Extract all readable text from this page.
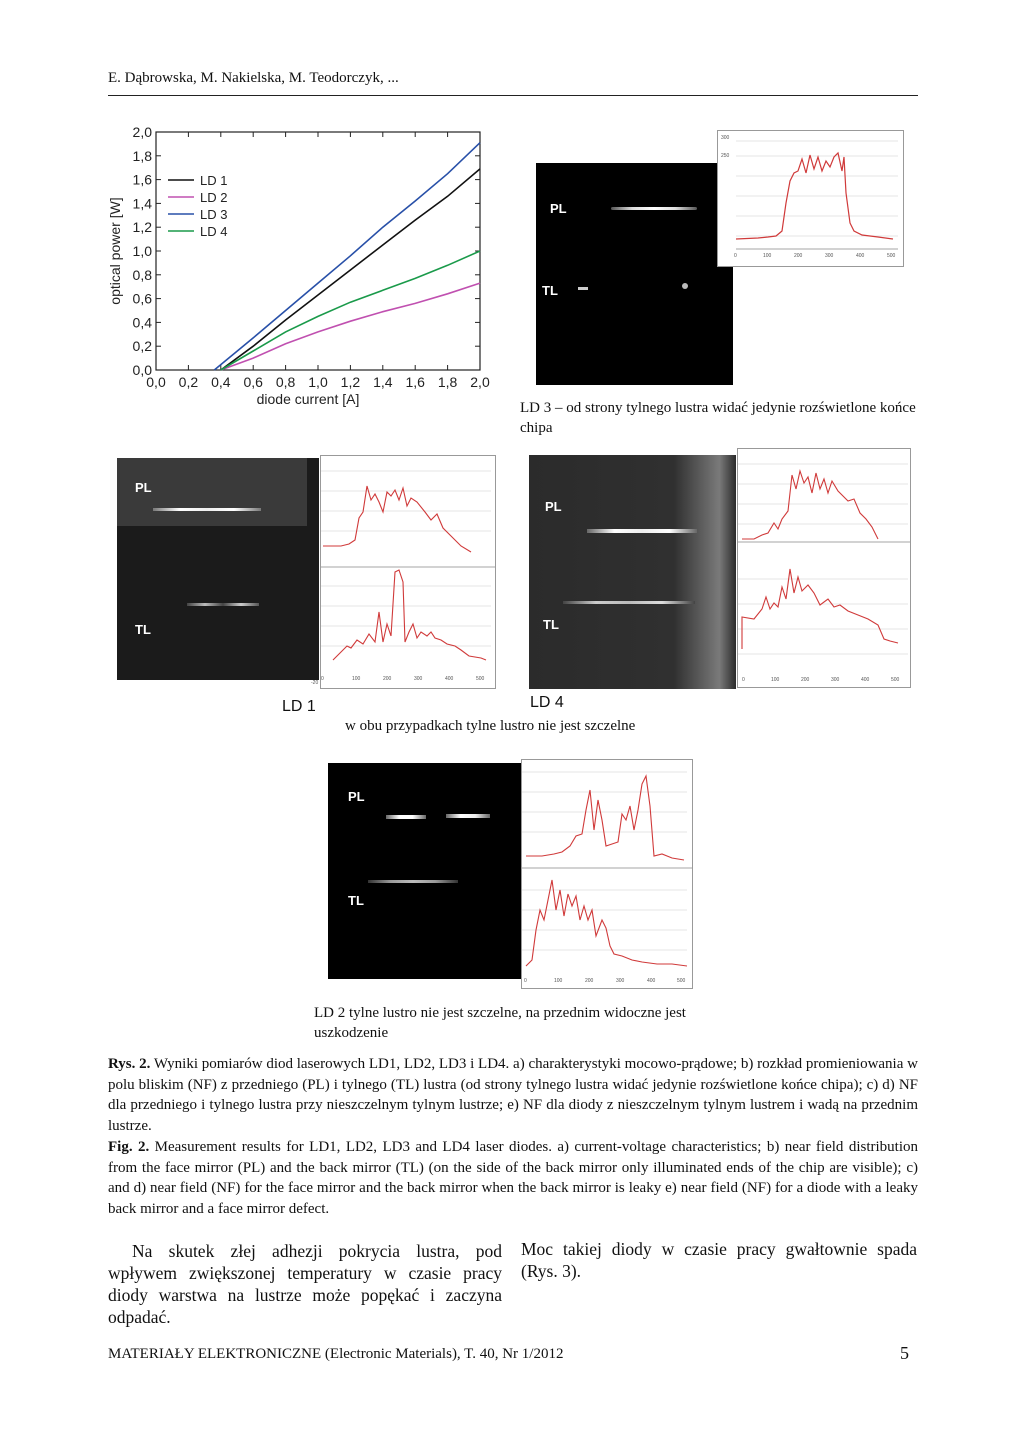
E. Dąbrowska, M. Nakielska, M. Teodorczyk, ...
0,0 0,2 0,4 0,6 0,8 1,0 1,2 1,4 1,6 1,8 2,0
0,0
0,2
0,4
0,6
0,8
1,0
1,2
1,4
1,6
1,8
2,0
diode current [A]
optical power [W]
LD 1
LD 2
LD 3
LD 4
PL
TL
300
250
0	100	200	300	400	500
LD 3 – od strony tylnego lustra widać jedynie rozświetlone końce chipa
PL
TL
-20
0	100	200	300	400	500
LD 1
PL
TL
0	100	200	300	400	500
LD 4
w obu przypadkach tylne lustro nie jest szczelne
PL
TL
0	100	200	300	400	500
LD 2 tylne lustro nie jest szczelne, na przednim widoczne jest uszkodzenie
Rys. 2. Wyniki pomiarów diod laserowych LD1, LD2, LD3 i LD4. a) charakterystyki mocowo-prądowe; b) rozkład promieniowania w polu bliskim (NF) z przedniego (PL) i tylnego (TL) lustra (od strony tylnego lustra widać jedynie rozświetlone końce chipa); c) d) NF dla przedniego i tylnego lustra przy nieszczelnym tylnym lustrze; e) NF dla diody z nieszczelnym tylnym lustrem i wadą na przednim lustrze.
Fig. 2. Measurement results for LD1, LD2, LD3 and LD4 laser diodes. a) current-voltage characteristics; b) near field distribution from the face mirror (PL) and the back mirror (TL) (on the side of the back mirror only illuminated ends of the chip are visible); c) and d) near field (NF) for the face mirror and the back mirror when the back mirror is leaky e) near field (NF) for a diode with a leaky back mirror and a face mirror defect.
Na skutek złej adhezji pokrycia lustra, pod wpływem zwiększonej temperatury w czasie pracy diody warstwa na lustrze może popękać i zaczyna odpadać.
Moc takiej diody w czasie pracy gwałtownie spada (Rys. 3).
MATERIAŁY ELEKTRONICZNE (Electronic Materials), T. 40, Nr 1/2012	5
